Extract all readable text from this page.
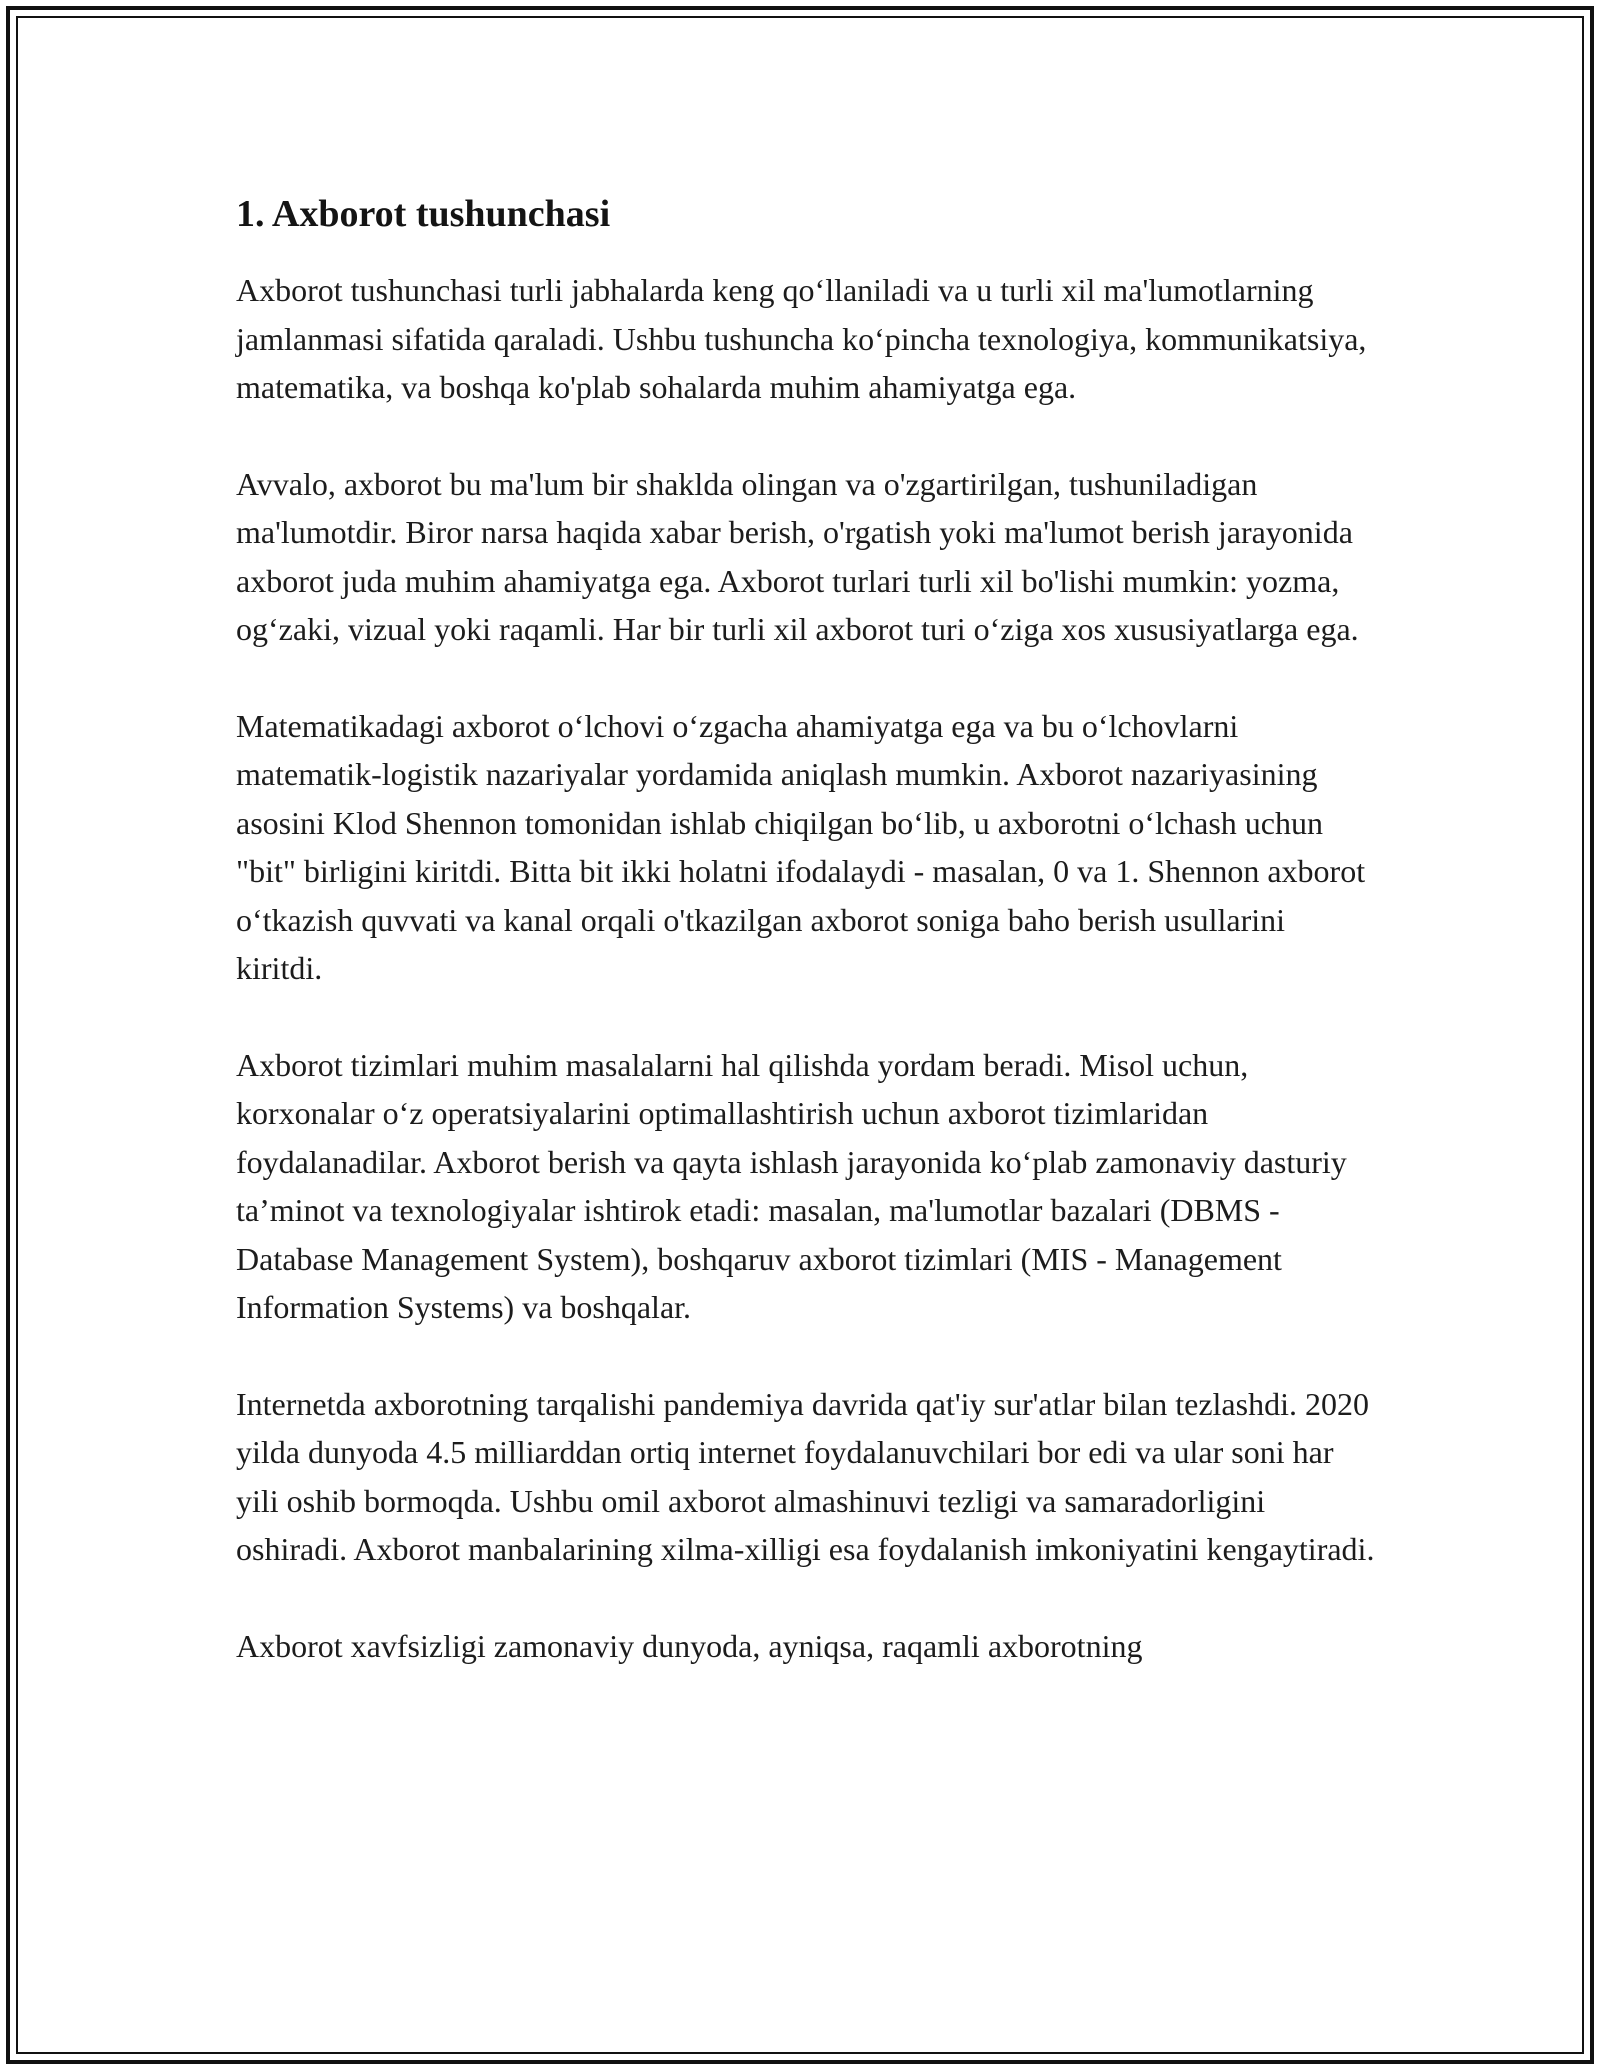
1. Axborot tushunchasi

Axborot tushunchasi turli jabhalarda keng qo‘llaniladi va u turli xil ma'lumotlarning jamlanmasi sifatida qaraladi. Ushbu tushuncha ko‘pincha texnologiya, kommunikatsiya, matematika, va boshqa ko'plab sohalarda muhim ahamiyatga ega.

Avvalo, axborot bu ma'lum bir shaklda olingan va o'zgartirilgan, tushuniladigan ma'lumotdir. Biror narsa haqida xabar berish, o'rgatish yoki ma'lumot berish jarayonida axborot juda muhim ahamiyatga ega. Axborot turlari turli xil bo'lishi mumkin: yozma, og‘zaki, vizual yoki raqamli. Har bir turli xil axborot turi o‘ziga xos xususiyatlarga ega.

Matematikadagi axborot o‘lchovi o‘zgacha ahamiyatga ega va bu o‘lchovlarni matematik-logistik nazariyalar yordamida aniqlash mumkin. Axborot nazariyasining asosini Klod Shennon tomonidan ishlab chiqilgan bo‘lib, u axborotni o‘lchash uchun "bit" birligini kiritdi. Bitta bit ikki holatni ifodalaydi - masalan, 0 va 1. Shennon axborot o‘tkazish quvvati va kanal orqali o'tkazilgan axborot soniga baho berish usullarini kiritdi.

Axborot tizimlari muhim masalalarni hal qilishda yordam beradi. Misol uchun, korxonalar o‘z operatsiyalarini optimallashtirish uchun axborot tizimlaridan foydalanadilar. Axborot berish va qayta ishlash jarayonida ko‘plab zamonaviy dasturiy ta’minot va texnologiyalar ishtirok etadi: masalan, ma'lumotlar bazalari (DBMS - Database Management System), boshqaruv axborot tizimlari (MIS - Management Information Systems) va boshqalar.

Internetda axborotning tarqalishi pandemiya davrida qat'iy sur'atlar bilan tezlashdi. 2020 yilda dunyoda 4.5 milliarddan ortiq internet foydalanuvchilari bor edi va ular soni har yili oshib bormoqda. Ushbu omil axborot almashinuvi tezligi va samaradorligini oshiradi. Axborot manbalarining xilma-xilligi esa foydalanish imkoniyatini kengaytiradi.

Axborot xavfsizligi zamonaviy dunyoda, ayniqsa, raqamli axborotning
